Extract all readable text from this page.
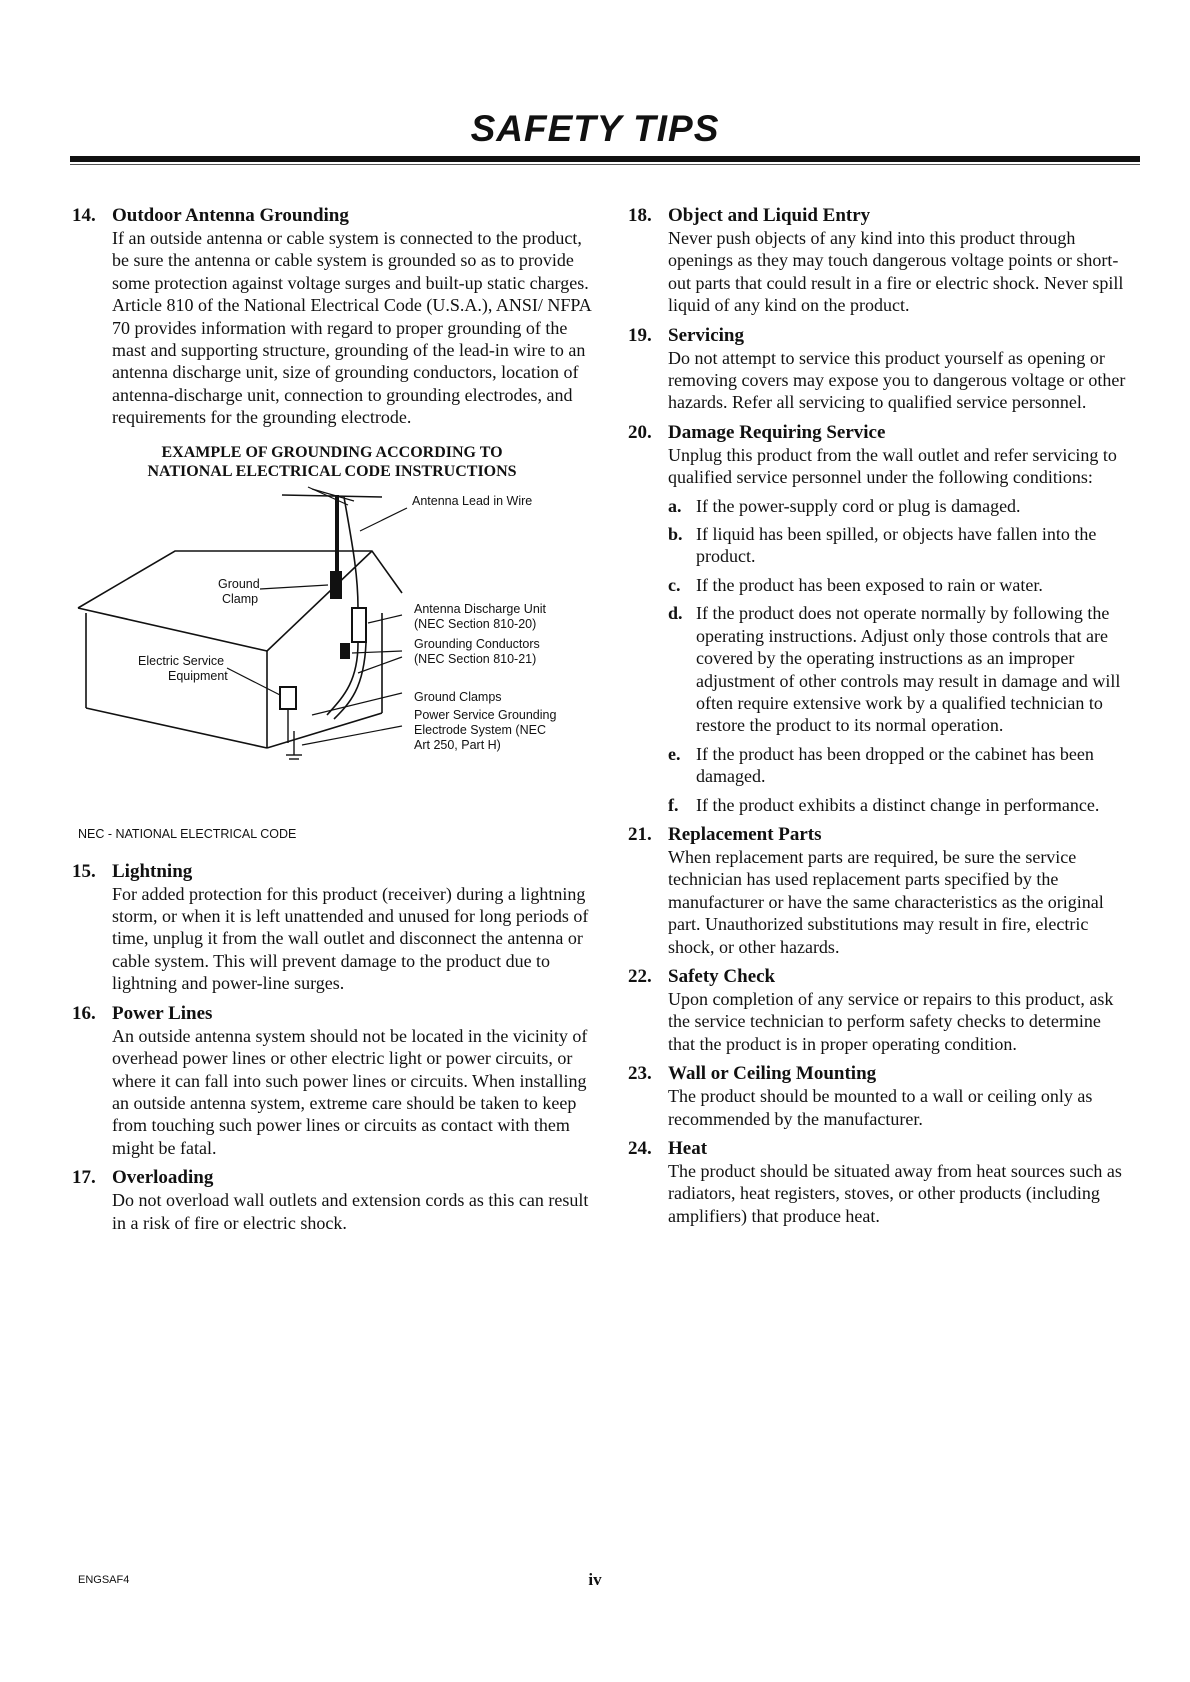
SAFETY TIPS
14. Outdoor Antenna Grounding
If an outside antenna or cable system is connected to the product, be sure the antenna or cable system is grounded so as to provide some protection against voltage surges and built-up static charges. Article 810 of the National Electrical Code (U.S.A.), ANSI/ NFPA 70 provides information with regard to proper grounding of the mast and supporting structure, grounding of the lead-in wire to an antenna discharge unit, size of grounding conductors, location of antenna-discharge unit, connection to grounding electrodes, and requirements for the grounding electrode.
EXAMPLE OF GROUNDING ACCORDING TO
NATIONAL ELECTRICAL CODE INSTRUCTIONS
Antenna Lead in Wire
Ground
Clamp
Electric Service
Equipment
Antenna Discharge Unit
(NEC Section 810-20)
Grounding Conductors
(NEC Section 810-21)
Ground Clamps
Power Service Grounding
Electrode System (NEC
Art 250, Part H)
NEC - NATIONAL ELECTRICAL CODE
15. Lightning
For added protection for this product (receiver) during a lightning storm, or when it is left unattended and unused for long periods of time, unplug it from the wall outlet and disconnect the antenna or cable system. This will prevent damage to the product due to lightning and power-line surges.
16. Power Lines
An outside antenna system should not be located in the vicinity of overhead power lines or other electric light or power circuits, or where it can fall into such power lines or circuits. When installing an outside antenna system, extreme care should be taken to keep from touching such power lines or circuits as contact with them might be fatal.
17. Overloading
Do not overload wall outlets and extension cords as this can result in a risk of fire or electric shock.
18. Object and Liquid Entry
Never push objects of any kind into this product through openings as they may touch dangerous voltage points or short-out parts that could result in a fire or electric shock. Never spill liquid of any kind on the product.
19. Servicing
Do not attempt to service this product yourself as opening or removing covers may expose you to dangerous voltage or other hazards. Refer all servicing to qualified service personnel.
20. Damage Requiring Service
Unplug this product from the wall outlet and refer servicing to qualified service personnel under the following conditions:
a. If the power-supply cord or plug is damaged.
b. If liquid has been spilled, or objects have fallen into the product.
c. If the product has been exposed to rain or water.
d. If the product does not operate normally by following the operating instructions. Adjust only those controls that are covered by the operating instructions as an improper adjustment of other controls may result in damage and will often require extensive work by a qualified technician to restore the product to its normal operation.
e. If the product has been dropped or the cabinet has been damaged.
f. If the product exhibits a distinct change in performance.
21. Replacement Parts
When replacement parts are required, be sure the service technician has used replacement parts specified by the manufacturer or have the same characteristics as the original part. Unauthorized substitutions may result in fire, electric shock, or other hazards.
22. Safety Check
Upon completion of any service or repairs to this product, ask the service technician to perform safety checks to determine that the product is in proper operating condition.
23. Wall or Ceiling Mounting
The product should be mounted to a wall or ceiling only as recommended by the manufacturer.
24. Heat
The product should be situated away from heat sources such as radiators, heat registers, stoves, or other products (including amplifiers) that produce heat.
ENGSAF4	iv
